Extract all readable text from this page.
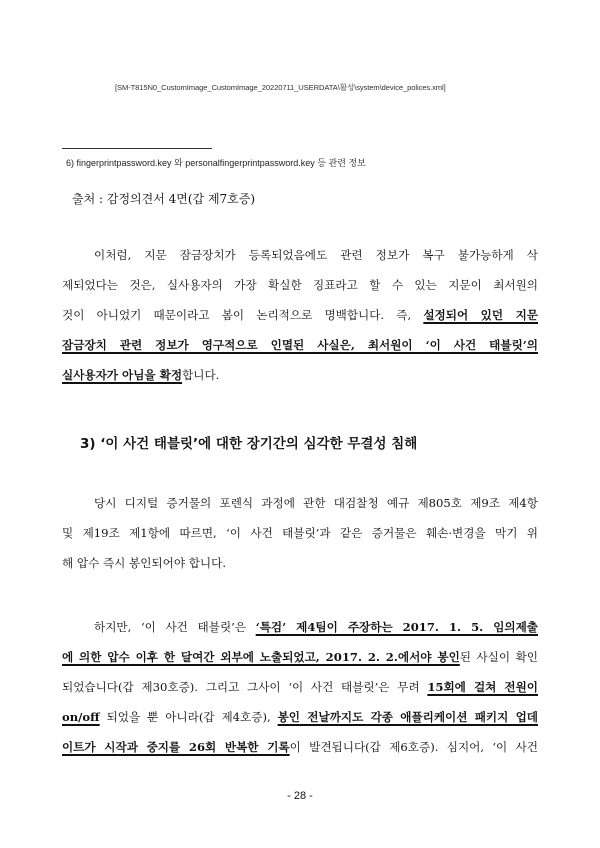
[SM-T815N0_CustomImage_CustomImage_20220711_USERDATA\활성\system\device_polices.xml]
6) fingerprintpassword.key 와 personalfingerprintpassword.key 등 관련 정보
출처 : 감정의견서 4면(갑 제7호증)
이처럼, 지문 잠금장치가 등록되었음에도 관련 정보가 복구 불가능하게 삭
제되었다는 것은, 실사용자의 가장 확실한 징표라고 할 수 있는 지문이 최서원의
것이 아니었기 때문이라고 봄이 논리적으로 명백합니다. 즉, 설정되어 있던 지문
잠금장치 관련 정보가 영구적으로 인멸된 사실은, 최서원이 ‘이 사건 태블릿’의
실사용자가 아님을 확정합니다.
3) ‘이 사건 태블릿’에 대한 장기간의 심각한 무결성 침해
당시 디지털 증거물의 포렌식 과정에 관한 대검찰청 예규 제805호 제9조 제4항
및 제19조 제1항에 따르면, ‘이 사건 태블릿’과 같은 증거물은 훼손·변경을 막기 위
해 압수 즉시 봉인되어야 합니다.
하지만, ‘이 사건 태블릿’은 ‘특검’ 제4팀이 주장하는 2017. 1. 5. 임의제출
에 의한 압수 이후 한 달여간 외부에 노출되었고, 2017. 2. 2.에서야 봉인된 사실이 확인
되었습니다(갑 제30호증). 그리고 그사이 ‘이 사건 태블릿’은 무려 15회에 걸쳐 전원이
on/off 되었을 뿐 아니라(갑 제4호증), 봉인 전날까지도 각종 애플리케이션 패키지 업데
이트가 시작과 중지를 26회 반복한 기록이 발견됩니다(갑 제6호증). 심지어, ‘이 사건
- 28 -
